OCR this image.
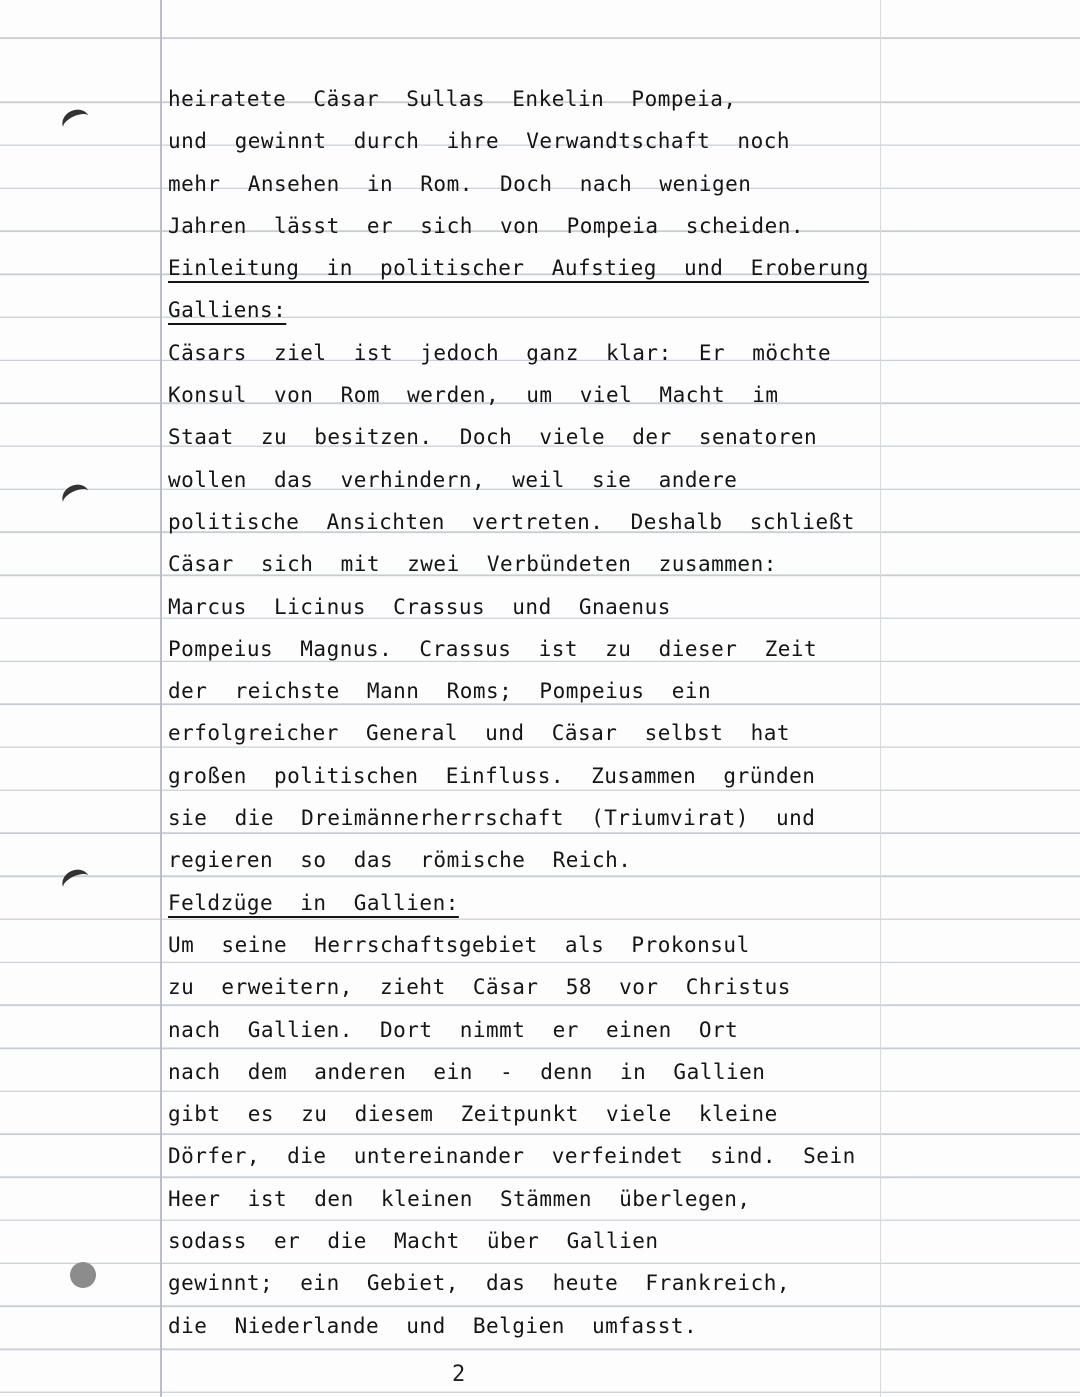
heiratete Cäsar Sullas Enkelin Pompeia,
und gewinnt durch ihre Verwandtschaft noch
mehr Ansehen in Rom. Doch nach wenigen
Jahren lässt er sich von Pompeia scheiden.
Einleitung in politischer Aufstieg und Eroberung
Galliens:
Cäsars ziel ist jedoch ganz klar: Er möchte
Konsul von Rom werden, um viel Macht im
Staat zu besitzen. Doch viele der senatoren
wollen das verhindern, weil sie andere
politische Ansichten vertreten. Deshalb schließt
Cäsar sich mit zwei Verbündeten zusammen:
Marcus Licinus Crassus und Gnaenus
Pompeius Magnus. Crassus ist zu dieser Zeit
der reichste Mann Roms; Pompeius ein
erfolgreicher General und Cäsar selbst hat
großen politischen Einfluss. Zusammen gründen
sie die Dreimännerherrschaft (Triumvirat) und
regieren so das römische Reich.
Feldzüge in Gallien:
Um seine Herrschaftsgebiet als Prokonsul
zu erweitern, zieht Cäsar 58 vor Christus
nach Gallien. Dort nimmt er einen Ort
nach dem anderen ein - denn in Gallien
gibt es zu diesem Zeitpunkt viele kleine
Dörfer, die untereinander verfeindet sind. Sein
Heer ist den kleinen Stämmen überlegen,
sodass er die Macht über Gallien
gewinnt; ein Gebiet, das heute Frankreich,
die Niederlande und Belgien umfasst.
2
